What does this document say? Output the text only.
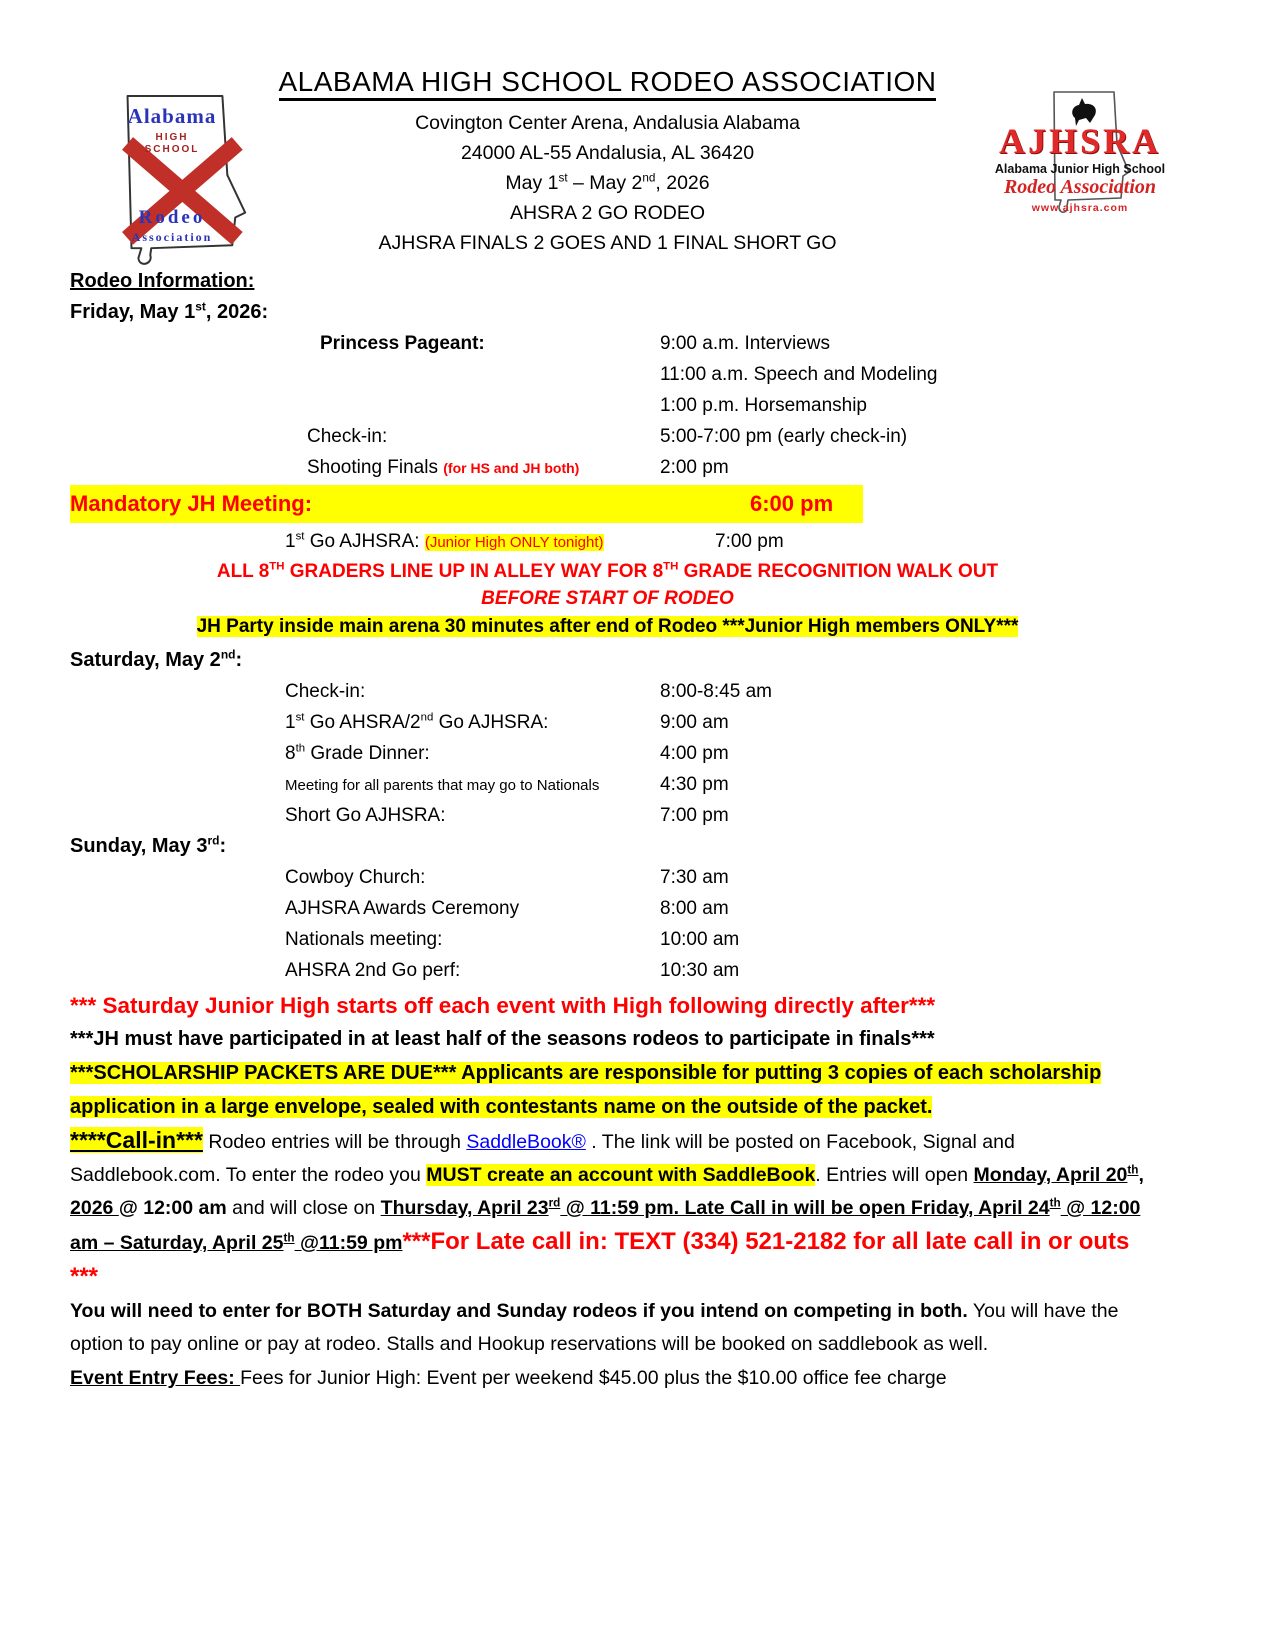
Alabama
HIGH
SCHOOL
Rodeo
Association
AJHSRA
Alabama Junior High School
Rodeo Association
www.ajhsra.com
ALABAMA HIGH SCHOOL RODEO ASSOCIATION
Covington Center Arena, Andalusia Alabama
24000 AL-55 Andalusia, AL 36420
May 1st – May 2nd, 2026
AHSRA 2 GO RODEO
AJHSRA FINALS 2 GOES AND 1 FINAL SHORT GO
Rodeo Information:
Friday, May 1st, 2026:
Princess Pageant:	9:00 a.m. Interviews
11:00 a.m. Speech and Modeling
1:00 p.m. Horsemanship
Check-in:	5:00-7:00 pm (early check-in)
Shooting Finals (for HS and JH both)	2:00 pm
Mandatory JH Meeting:	6:00 pm
1st Go AJHSRA: (Junior High ONLY tonight)	7:00 pm
ALL 8TH GRADERS LINE UP IN ALLEY WAY FOR 8TH GRADE RECOGNITION WALK OUT
BEFORE START OF RODEO
JH Party inside main arena 30 minutes after end of Rodeo ***Junior High members ONLY***
Saturday, May 2nd:
Check-in:	8:00-8:45 am
1st Go AHSRA/2nd Go AJHSRA:	9:00 am
8th Grade Dinner:	4:00 pm
Meeting for all parents that may go to Nationals	4:30 pm
Short Go AJHSRA:	7:00 pm
Sunday, May 3rd:
Cowboy Church:	7:30 am
AJHSRA Awards Ceremony	8:00 am
Nationals meeting:	10:00 am
AHSRA 2nd Go perf:	10:30 am

*** Saturday Junior High starts off each event with High following directly after***

***JH must have participated in at least half of the seasons rodeos to participate in finals***

***SCHOLARSHIP PACKETS ARE DUE*** Applicants are responsible for putting 3 copies of each scholarship application in a large envelope, sealed with contestants name on the outside of the packet.

****Call-in*** Rodeo entries will be through SaddleBook® . The link will be posted on Facebook, Signal and Saddlebook.com. To enter the rodeo you MUST create an account with SaddleBook. Entries will open Monday, April 20th, 2026 @ 12:00 am and will close on Thursday, April 23rd @ 11:59 pm. Late Call in will be open Friday, April 24th @ 12:00 am – Saturday, April 25th @11:59 pm***For Late call in: TEXT (334) 521-2182 for all late call in or outs ***

You will need to enter for BOTH Saturday and Sunday rodeos if you intend on competing in both. You will have the option to pay online or pay at rodeo. Stalls and Hookup reservations will be booked on saddlebook as well.

Event Entry Fees: Fees for Junior High: Event per weekend $45.00 plus the $10.00 office fee charge
